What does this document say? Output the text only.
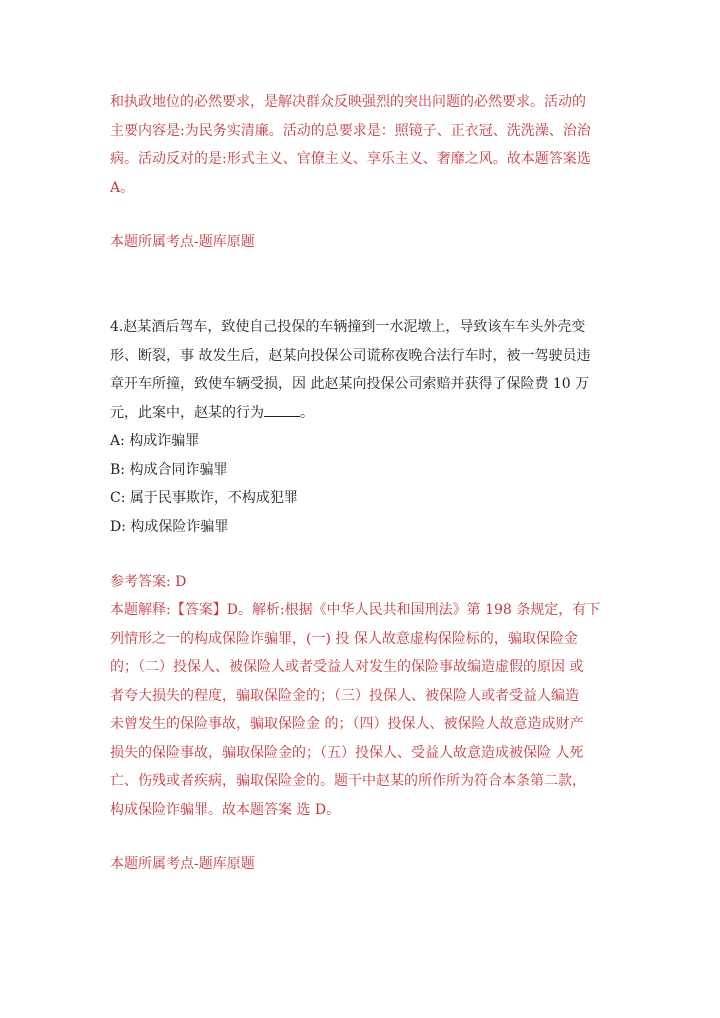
和执政地位的必然要求，是解决群众反映强烈的突出问题的必然要求。活动的
主要内容是:为民务实清廉。活动的总要求是：照镜子、正衣冠、洗洗澡、治治
病。活动反对的是:形式主义、官僚主义、享乐主义、奢靡之风。故本题答案选
A。
本题所属考点-题库原题
4.赵某酒后驾车，致使自己投保的车辆撞到一水泥墩上，导致该车车头外壳变
形、断裂，事 故发生后，赵某向投保公司谎称夜晚合法行车时，被一驾驶员违
章开车所撞，致使车辆受损，因 此赵某向投保公司索赔并获得了保险费 10 万
元，此案中，赵某的行为	。
A: 构成诈骗罪
B: 构成合同诈骗罪
C: 属于民事欺诈，不构成犯罪
D: 构成保险诈骗罪
参考答案: D
本题解释:【答案】D。解析:根据《中华人民共和国刑法》第 198 条规定，有下
列情形之一的构成保险诈骗罪，(一) 投 保人故意虚构保险标的，骗取保险金
的；（二）投保人、被保险人或者受益人对发生的保险事故编造虚假的原因 或
者夸大损失的程度，骗取保险金的；（三）投保人、被保险人或者受益人编造
未曾发生的保险事故，骗取保险金 的；（四）投保人、被保险人故意造成财产
损失的保险事故，骗取保险金的；（五）投保人、受益人故意造成被保险 人死
亡、伤残或者疾病，骗取保险金的。题干中赵某的所作所为符合本条第二款，
构成保险诈骗罪。故本题答案 选 D。
本题所属考点-题库原题
